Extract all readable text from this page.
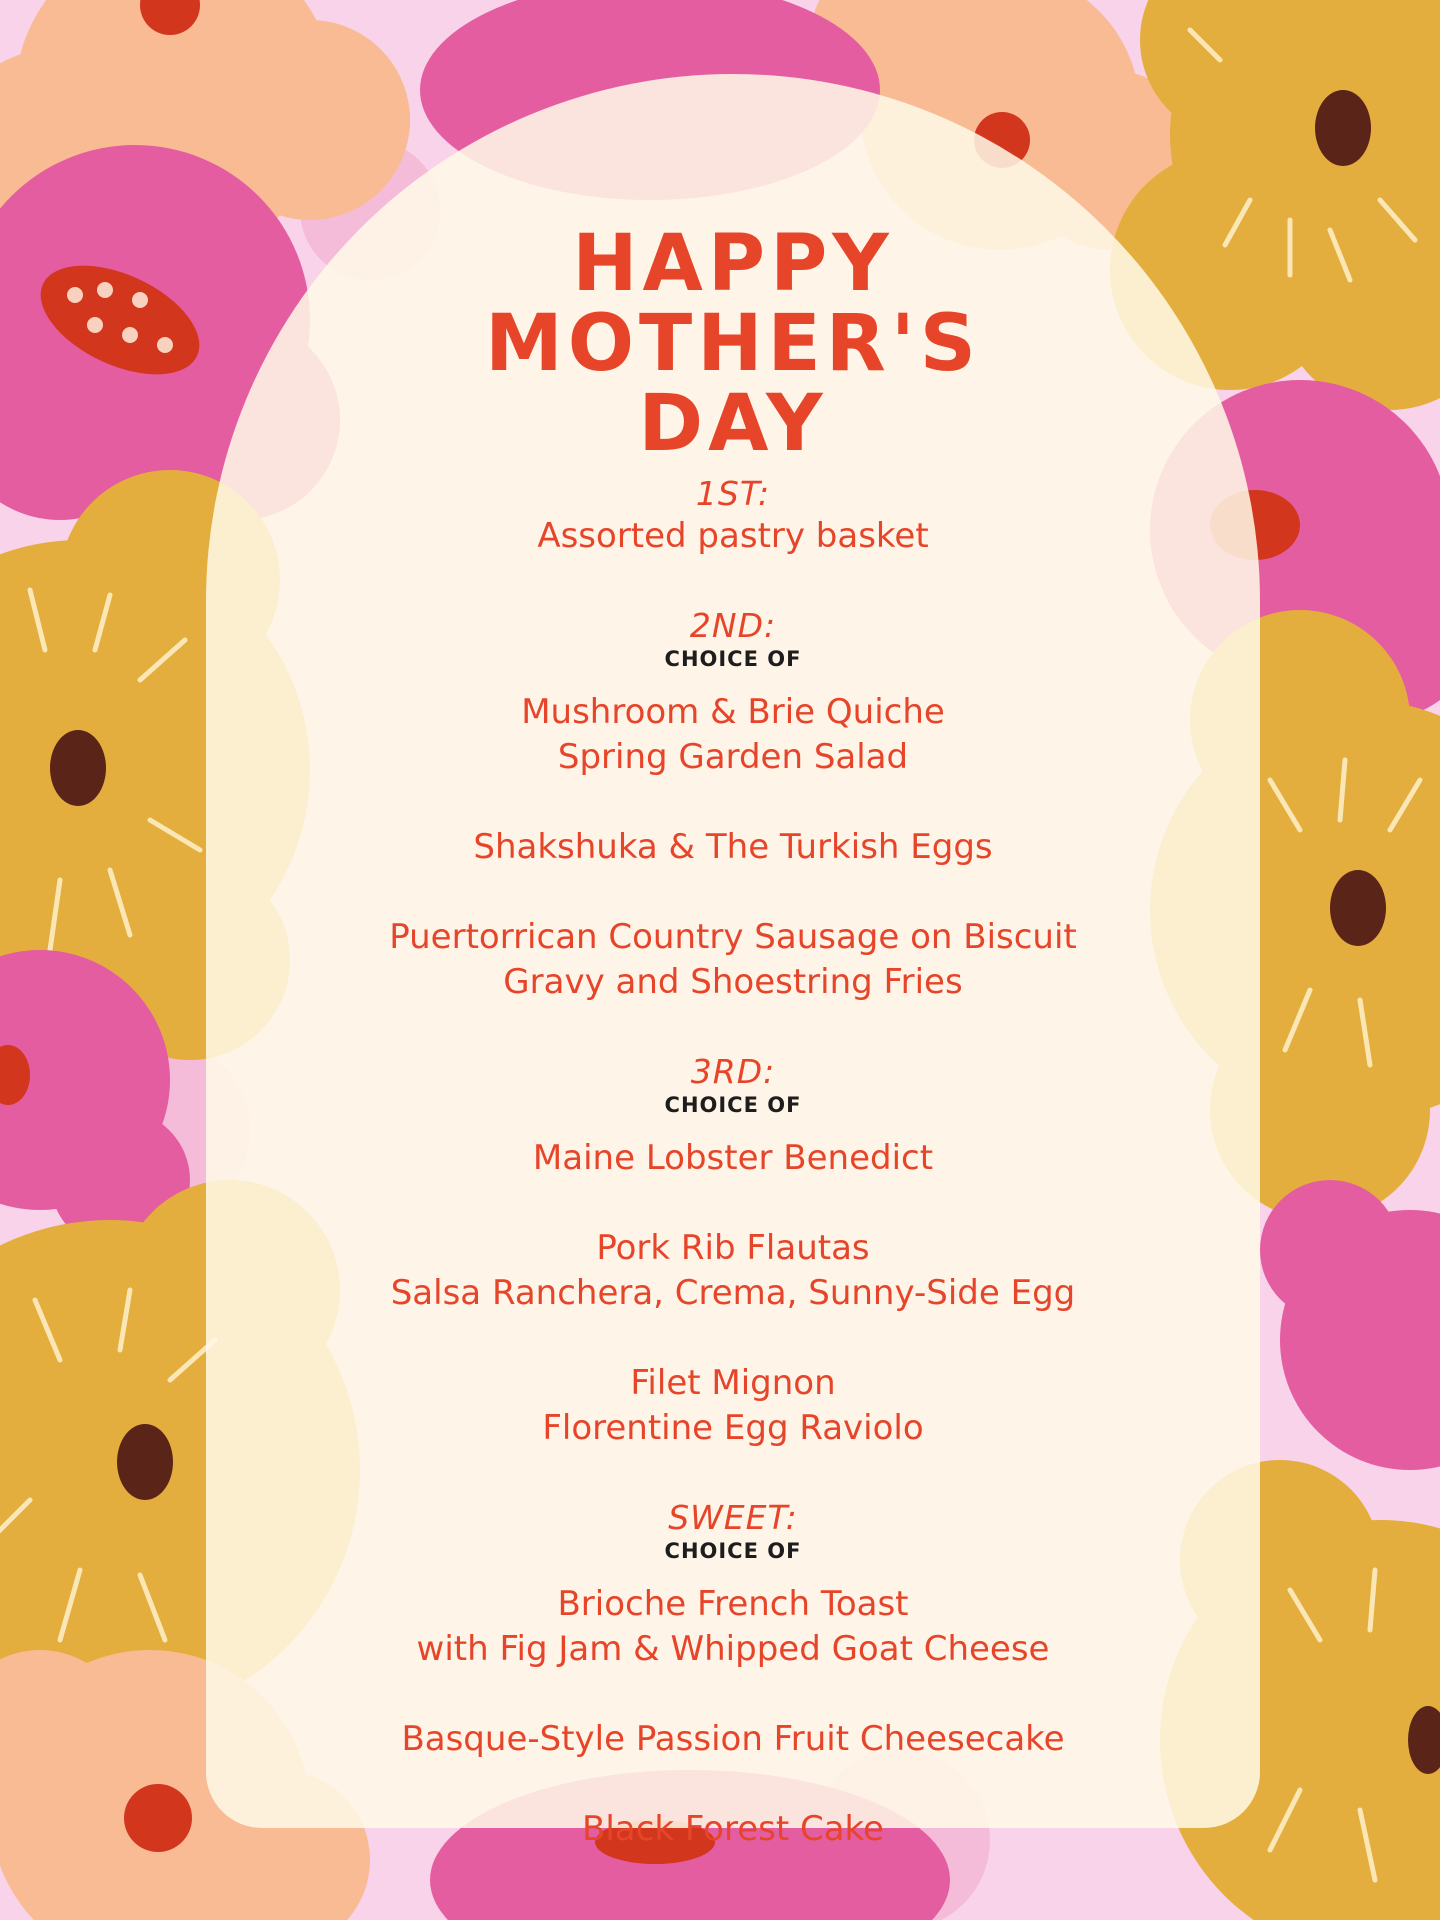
HAPPY
MOTHER'S
DAY
1ST:
Assorted pastry basket
2ND:
CHOICE OF
Mushroom & Brie Quiche
Spring Garden Salad
Shakshuka & The Turkish Eggs
Puertorrican Country Sausage on Biscuit
Gravy and Shoestring Fries
3RD:
CHOICE OF
Maine Lobster Benedict
Pork Rib Flautas
Salsa Ranchera, Crema, Sunny-Side Egg
Filet Mignon
Florentine Egg Raviolo
SWEET:
CHOICE OF
Brioche French Toast
with Fig Jam & Whipped Goat Cheese
Basque-Style Passion Fruit Cheesecake
Black Forest Cake
